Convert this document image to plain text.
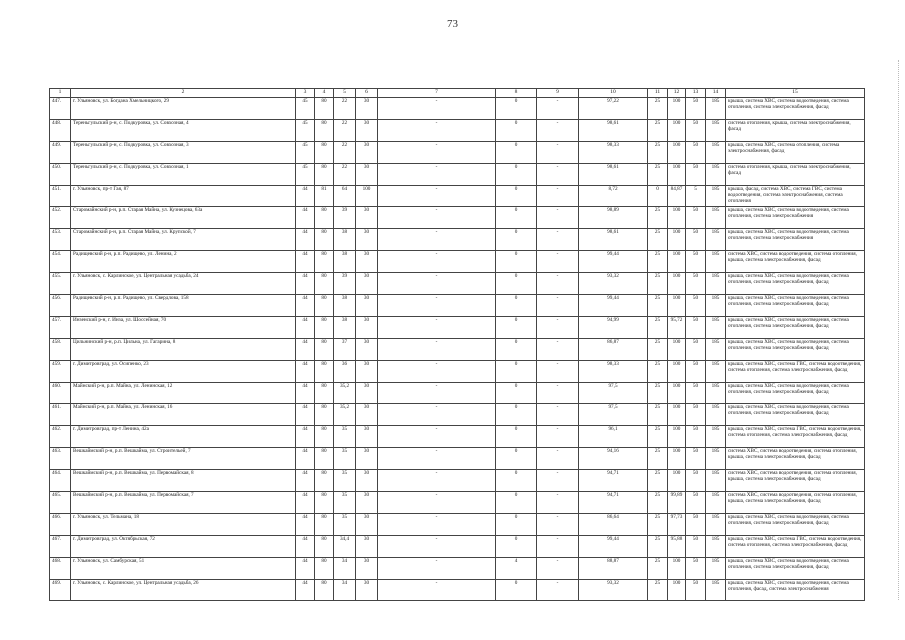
73
1	2	3	4	5	6	7	8	9	10	11	12	13	14	15
447.	г. Ульяновск, ул. Богдана Хмельницкого, 29	45	80	22	30	-	0	-	97,22	25	100	50	185	крыша, система ХВС, система водоотведения, система отопления, система электроснабжения, фасад
448.	Тереньгульский р-н, с. Подкуровка, ул. Совхозная, 4	45	80	22	30	-	0	-	98,61	25	100	50	185	система отопления, крыша, система электроснабжения, фасад
449.	Тереньгульский р-н, с. Подкуровка, ул. Совхозная, 3	45	80	22	30	-	0	-	98,33	25	100	50	185	крыша, система ХВС, система отопления, система электроснабжения, фасад
450.	Тереньгульский р-н, с. Подкуровка, ул. Совхозная, 1	45	80	22	30	-	0	-	98,61	25	100	50	185	система отопления, крыша, система электроснабжения, фасад
451.	г. Ульяновск, пр-т Гая, 87	44	81	64	100	-	0	-	8,72	0	84,87	5	185	крыша, фасад, система ХВС, система ГВС, система водоотведения, система электроснабжения, система отопления
452.	Старомайнский р-н, р.п. Старая Майна, ул. Кузнецова, 63а	44	80	39	30	-	0	-	98,89	25	100	50	185	крыша, система ХВС, система водоотведения, система отопления, система электроснабжения
453.	Старомайнский р-н, р.п. Старая Майна, ул. Крупской, 7	44	80	38	30	-	0	-	98,61	25	100	50	185	крыша, система ХВС, система водоотведения, система отопления, система электроснабжения
454.	Радищевский р-н, р.п. Радищево, ул. Ленина, 2	44	80	38	30	-	0	-	99,44	25	100	50	185	система ХВС, система водоотведения, система отопления, крыша, система электроснабжения, фасад
455.	г. Ульяновск, с. Карлинское, ул. Центральная усадьба, 24	44	80	39	30	-	0	-	93,32	25	100	50	185	крыша, система ХВС, система водоотведения, система отопления, система электроснабжения, фасад
456.	Радищевский р-н, р.п. Радищево, ул. Свердлова, 158	44	80	38	30	-	0	-	99,44	25	100	50	185	крыша, система ХВС, система водоотведения, система отопления, система электроснабжения, фасад
457.	Инзенский р-н, г. Инза, ул. Шоссейная, 70	44	80	38	30	-	0	-	94,99	25	95,72	50	185	крыша, система ХВС, система водоотведения, система отопления, система электроснабжения, фасад
458.	Цильнинский р-н, р.п. Цильна, ул. Гагарина, 8	44	80	37	30	-	0	-	86,87	25	100	50	185	крыша, система ХВС, система водоотведения, система отопления, система электроснабжения, фасад
459.	г. Димитровград, ул. Осипенко, 23	44	80	36	30	-	0	-	98,33	25	100	50	185	крыша, система ХВС, система ГВС, система водоотведения, система отопления, система электроснабжения, фасад
460.	Майнский р-н, р.п. Майна, ул. Ленинская, 12	44	80	35,2	30	-	0	-	97,5	25	100	50	185	крыша, система ХВС, система водоотведения, система отопления, система электроснабжения, фасад
461.	Майнский р-н, р.п. Майна, ул. Ленинская, 16	44	80	35,2	30	-	0	-	97,5	25	100	50	185	крыша, система ХВС, система водоотведения, система отопления, система электроснабжения, фасад
462.	г. Димитровград, пр-т Ленина, 42а	44	80	35	30	-	0	-	96,1	25	100	50	185	крыша, система ХВС, система ГВС, система водоотведения, система отопления, система электроснабжения, фасад
463.	Вешкаймский р-н, р.п. Вешкайма, ул. Строительей, 7	44	80	35	30	-	0	-	94,16	25	100	50	185	система ХВС, система водоотведения, система отопления, крыша, система электроснабжения, фасад
464.	Вешкаймский р-н, р.п. Вешкайма, ул. Первомайская, 8	44	80	35	30	-	0	-	94,71	25	100	50	185	система ХВС, система водоотведения, система отопления, крыша, система электроснабжения, фасад
465.	Вешкаймский р-н, р.п. Вешкайма, ул. Первомайская, 7	44	80	35	30	-	0	-	94,71	25	99,89	50	185	система ХВС, система водоотведения, система отопления, крыша, система электроснабжения, фасад
466.	г. Ульяновск, ул. Тельмана, 18	44	80	35	30	-	0	-	86,64	25	97,73	50	185	крыша, система ХВС, система водоотведения, система отопления, система электроснабжения, фасад
467.	г. Димитровград, ул. Октябрьская, 72	44	80	34,4	30	-	0	-	99,44	25	95,88	50	185	крыша, система ХВС, система ГВС, система водоотведения, система отопления, система электроснабжения, фасад
468.	г. Ульяновск, ул. Самбурская, 51	44	80	34	30	-	4	-	88,87	25	100	50	185	крыша, система ХВС, система водоотведения, система отопления, система электроснабжения, фасад
469.	г. Ульяновск, с. Карлинское, ул. Центральная усадьба, 26	44	80	34	30	-	0	-	93,32	25	100	50	185	крыша, система ХВС, система водоотведения, система отопления, фасад, система электроснабжения
